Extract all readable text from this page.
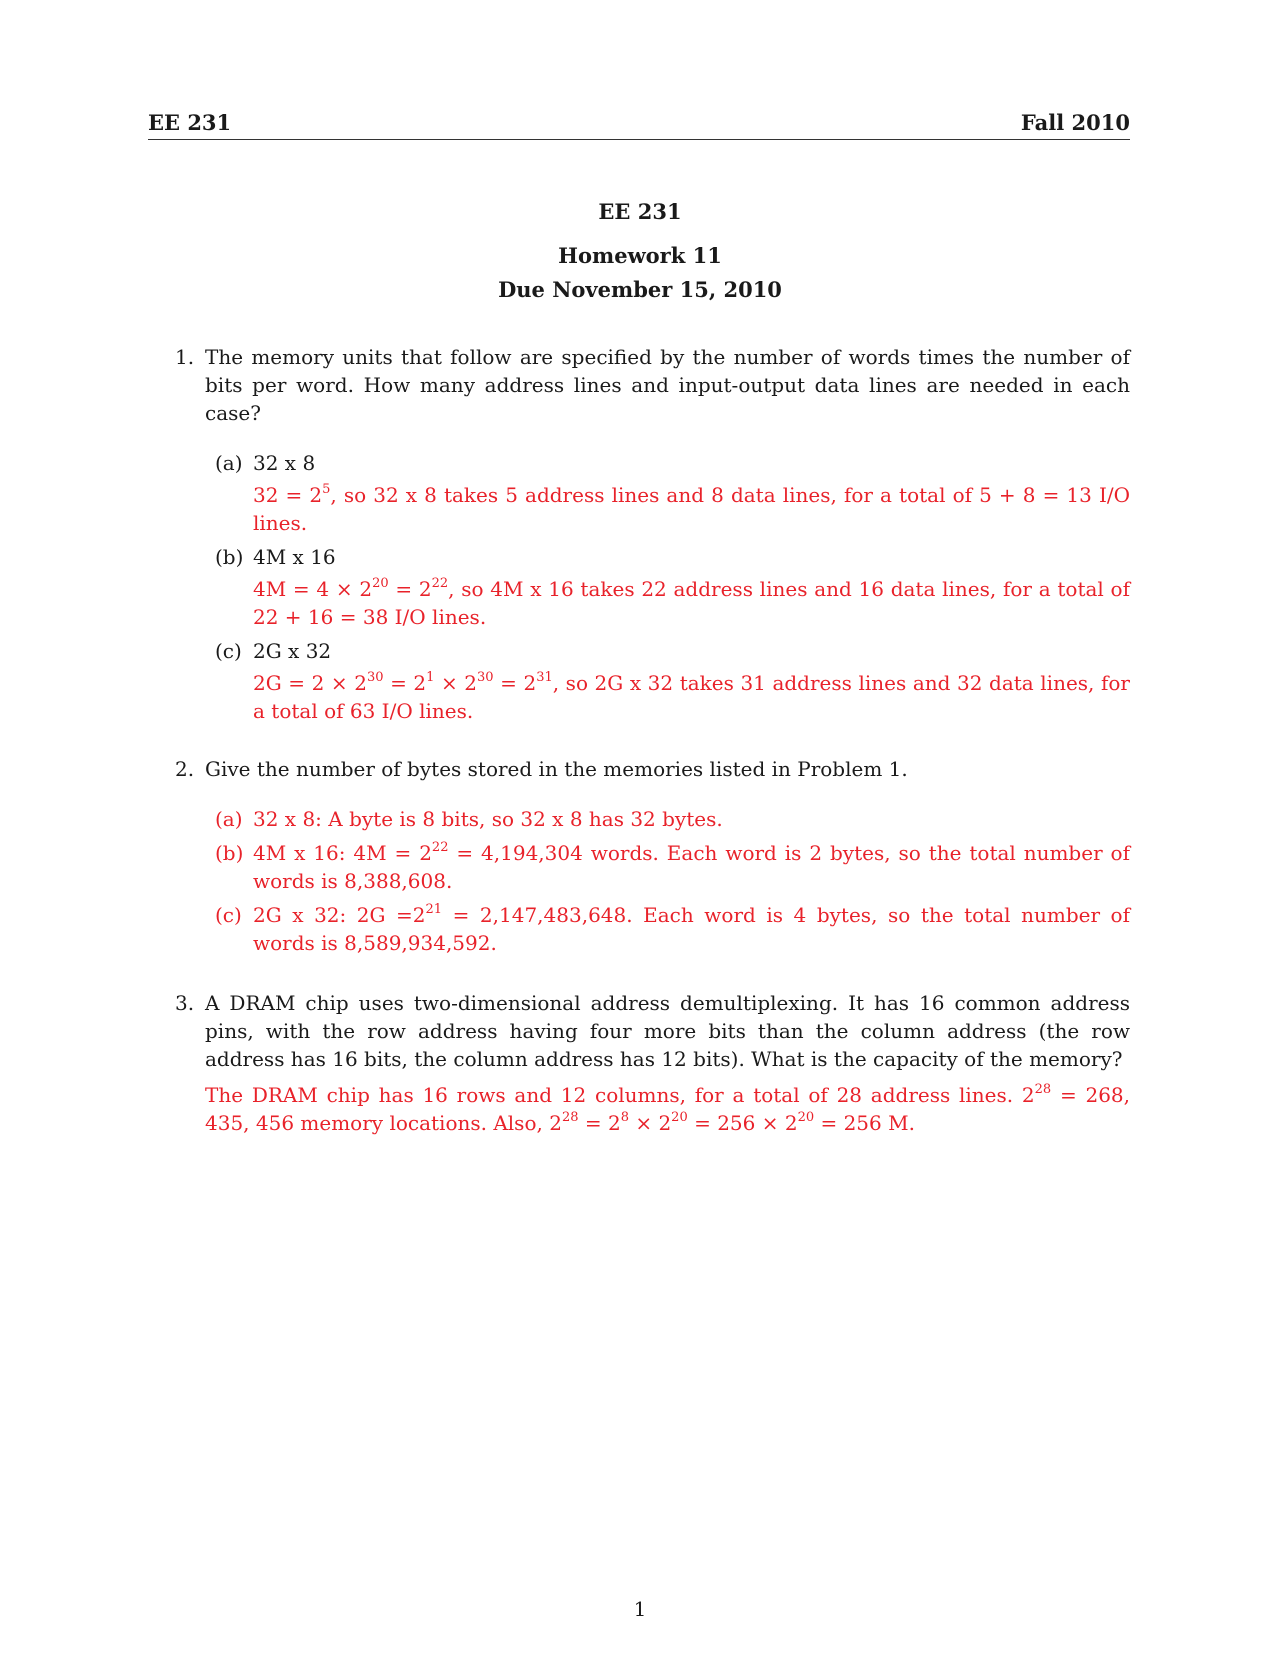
EE 231	Fall 2010
EE 231
Homework 11
Due November 15, 2010
1. The memory units that follow are specified by the number of words times the number of bits per word. How many address lines and input-output data lines are needed in each case?

(a) 32 x 8
$32 = 2^5$, so 32 x 8 takes 5 address lines and 8 data lines, for a total of 5 + 8 = 13 I/O lines.
(b) 4M x 16
$4M = 4 \times 2^{20} = 2^{22}$, so 4M x 16 takes 22 address lines and 16 data lines, for a total of 22 + 16 = 38 I/O lines.
(c) 2G x 32
$2G = 2 \times 2^{30} = 2^1 \times 2^{30} = 2^{31}$, so 2G x 32 takes 31 address lines and 32 data lines, for a total of 63 I/O lines.
2. Give the number of bytes stored in the memories listed in Problem 1.

(a) 32 x 8: A byte is 8 bits, so 32 x 8 has 32 bytes.
(b) 4M x 16: $4M = 2^{22} = 4,194,304$ words. Each word is 2 bytes, so the total number of words is 8,388,608.
(c) 2G x 32: $2G =2^{21} = 2,147,483,648$. Each word is 4 bytes, so the total number of words is 8,589,934,592.
3. A DRAM chip uses two-dimensional address demultiplexing. It has 16 common address pins, with the row address having four more bits than the column address (the row address has 16 bits, the column address has 12 bits). What is the capacity of the memory?

The DRAM chip has 16 rows and 12 columns, for a total of 28 address lines. $2^{28} = 268$, 435, 456 memory locations. Also, $2^{28} = 2^8 \times 2^{20} = 256 \times 2^{20} = 256$ M.

1
